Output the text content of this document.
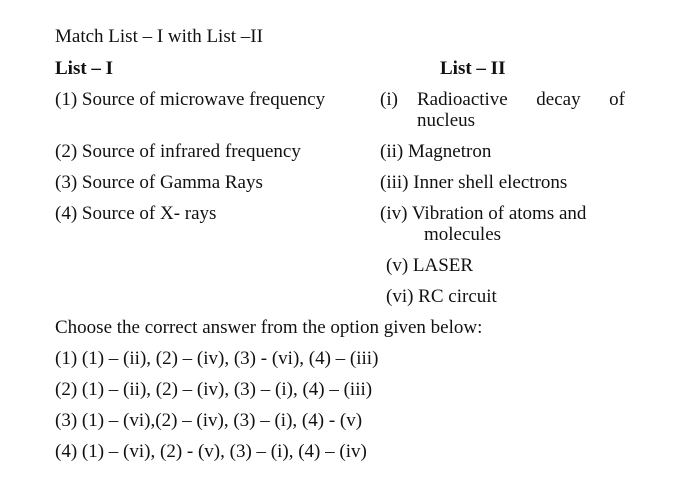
Match List – I with List –II
List – I	List – II
(1) Source of microwave frequency
(2) Source of infrared frequency
(3) Source of Gamma Rays
(4) Source of X- rays
(i) Radioactive decay of
nucleus
(ii) Magnetron
(iii) Inner shell electrons
(iv) Vibration of atoms and
molecules
(v) LASER
(vi) RC circuit
Choose the correct answer from the option given below:
(1) (1) – (ii), (2) – (iv), (3) - (vi), (4) – (iii)
(2) (1) – (ii), (2) – (iv), (3) – (i), (4) – (iii)
(3) (1) – (vi),(2) – (iv), (3) – (i), (4) - (v)
(4) (1) – (vi), (2) - (v), (3) – (i), (4) – (iv)
